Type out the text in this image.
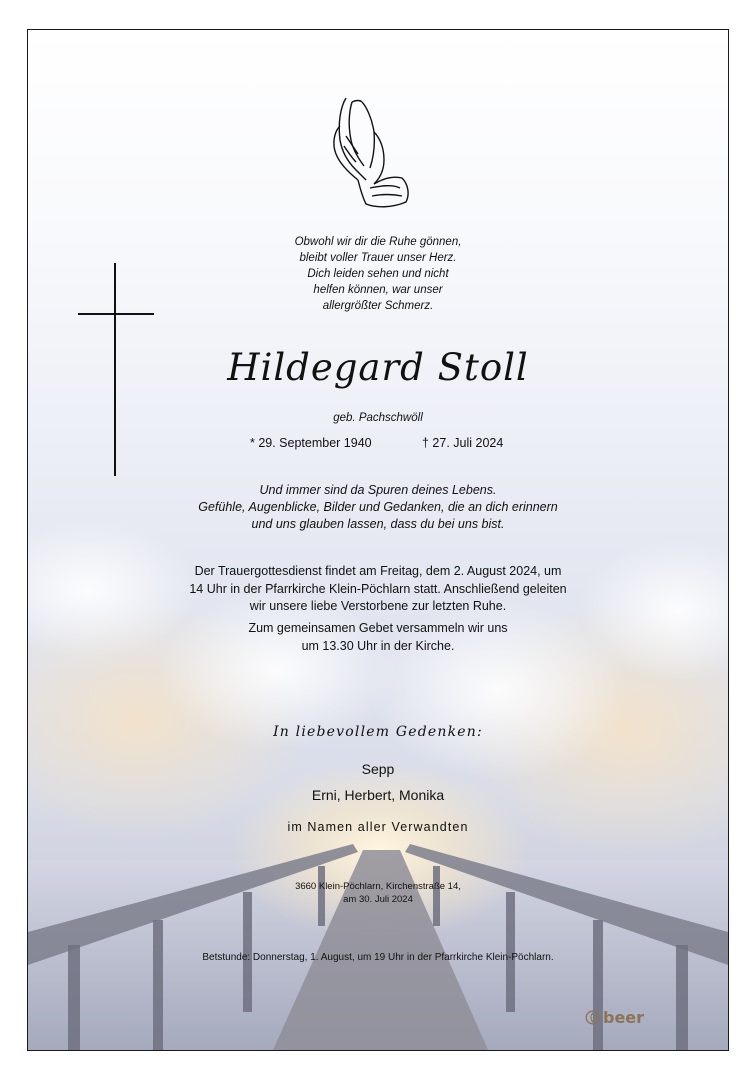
Obwohl wir dir die Ruhe gönnen,
bleibt voller Trauer unser Herz.
Dich leiden sehen und nicht
helfen können, war unser
allergrößter Schmerz.
Hildegard Stoll
geb. Pachschwöll
* 29. September 1940	† 27. Juli 2024
Und immer sind da Spuren deines Lebens.
Gefühle, Augenblicke, Bilder und Gedanken, die an dich erinnern
und uns glauben lassen, dass du bei uns bist.
Der Trauergottesdienst findet am Freitag, dem 2. August 2024, um
14 Uhr in der Pfarrkirche Klein-Pöchlarn statt. Anschließend geleiten
wir unsere liebe Verstorbene zur letzten Ruhe.
Zum gemeinsamen Gebet versammeln wir uns
um 13.30 Uhr in der Kirche.
In liebevollem Gedenken:
Sepp
Erni, Herbert, Monika
im Namen aller Verwandten
3660 Klein-Pöchlarn, Kirchenstraße 14,
am 30. Juli 2024
Betstunde: Donnerstag, 1. August, um 19 Uhr in der Pfarrkirche Klein-Pöchlarn.
beer
